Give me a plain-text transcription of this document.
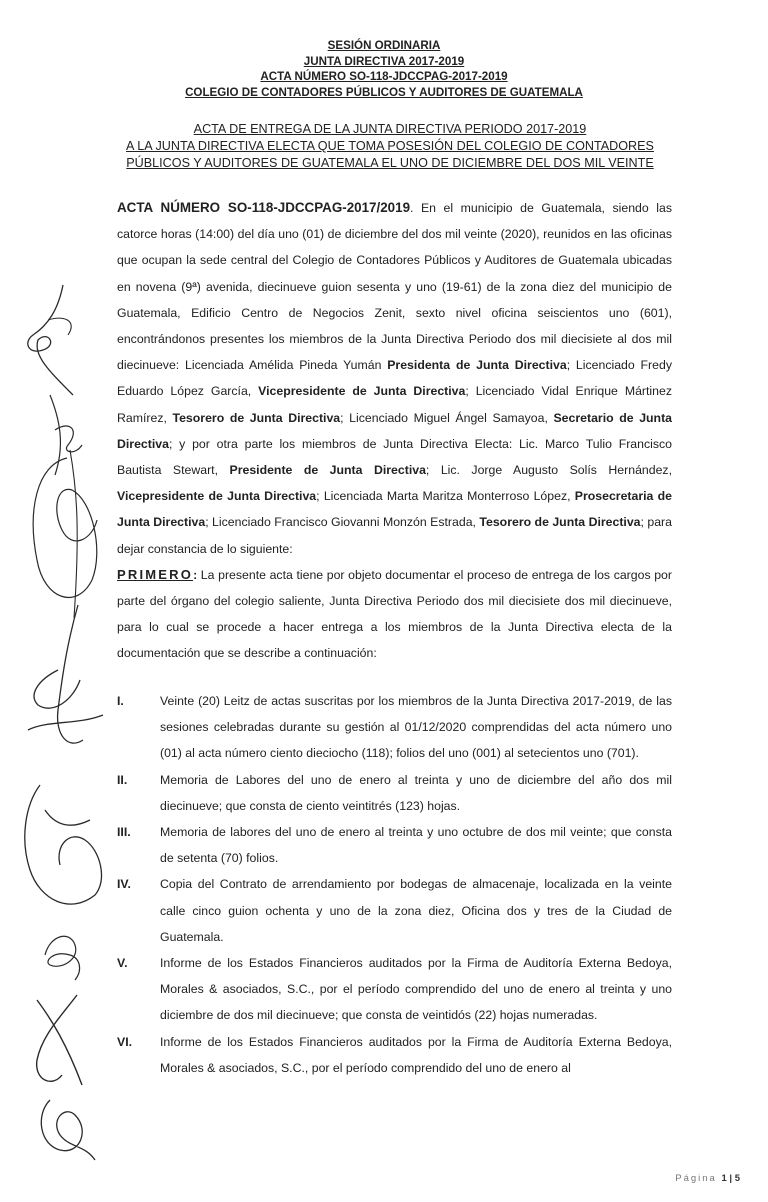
SESIÓN ORDINARIA
JUNTA DIRECTIVA 2017-2019
ACTA NÚMERO SO-118-JDCCPAG-2017-2019
COLEGIO DE CONTADORES PÚBLICOS Y AUDITORES DE GUATEMALA
ACTA DE ENTREGA DE LA JUNTA DIRECTIVA PERIODO 2017-2019
A LA JUNTA DIRECTIVA ELECTA QUE TOMA POSESIÓN DEL COLEGIO DE CONTADORES
PÚBLICOS Y AUDITORES DE GUATEMALA EL UNO DE DICIEMBRE DEL DOS MIL VEINTE

ACTA NÚMERO SO-118-JDCCPAG-2017/2019. En el municipio de Guatemala, siendo las catorce horas (14:00) del día uno (01) de diciembre del dos mil veinte (2020), reunidos en las oficinas que ocupan la sede central del Colegio de Contadores Públicos y Auditores de Guatemala ubicadas en novena (9ª) avenida, diecinueve guion sesenta y uno (19-61) de la zona diez del municipio de Guatemala, Edificio Centro de Negocios Zenit, sexto nivel oficina seiscientos uno (601), encontrándonos presentes los miembros de la Junta Directiva Periodo dos mil diecisiete al dos mil diecinueve: Licenciada Amélida Pineda Yumán Presidenta de Junta Directiva; Licenciado Fredy Eduardo López García, Vicepresidente de Junta Directiva; Licenciado Vidal Enrique Mártinez Ramírez, Tesorero de Junta Directiva; Licenciado Miguel Ángel Samayoa, Secretario de Junta Directiva; y por otra parte los miembros de Junta Directiva Electa: Lic. Marco Tulio Francisco Bautista Stewart, Presidente de Junta Directiva; Lic. Jorge Augusto Solís Hernández, Vicepresidente de Junta Directiva; Licenciada Marta Maritza Monterroso López, Prosecretaria de Junta Directiva; Licenciado Francisco Giovanni Monzón Estrada, Tesorero de Junta Directiva; para dejar constancia de lo siguiente:

PRIMERO: La presente acta tiene por objeto documentar el proceso de entrega de los cargos por parte del órgano del colegio saliente, Junta Directiva Periodo dos mil diecisiete dos mil diecinueve, para lo cual se procede a hacer entrega a los miembros de la Junta Directiva electa de la documentación que se describe a continuación:

I.	Veinte (20) Leitz de actas suscritas por los miembros de la Junta Directiva 2017-2019, de las sesiones celebradas durante su gestión al 01/12/2020 comprendidas del acta número uno (01) al acta número ciento dieciocho (118); folios del uno (001) al setecientos uno (701).
II.	Memoria de Labores del uno de enero al treinta y uno de diciembre del año dos mil diecinueve; que consta de ciento veintitrés (123) hojas.
III.	Memoria de labores del uno de enero al treinta y uno octubre de dos mil veinte; que consta de setenta (70) folios.
IV.	Copia del Contrato de arrendamiento por bodegas de almacenaje, localizada en la veinte calle cinco guion ochenta y uno de la zona diez, Oficina dos y tres de la Ciudad de Guatemala.
V.	Informe de los Estados Financieros auditados por la Firma de Auditoría Externa Bedoya, Morales & asociados, S.C., por el período comprendido del uno de enero al treinta y uno diciembre de dos mil diecinueve; que consta de veintidós (22) hojas numeradas.
VI.	Informe de los Estados Financieros auditados por la Firma de Auditoría Externa Bedoya, Morales & asociados, S.C., por el período comprendido del uno de enero al
Página 1 | 5
